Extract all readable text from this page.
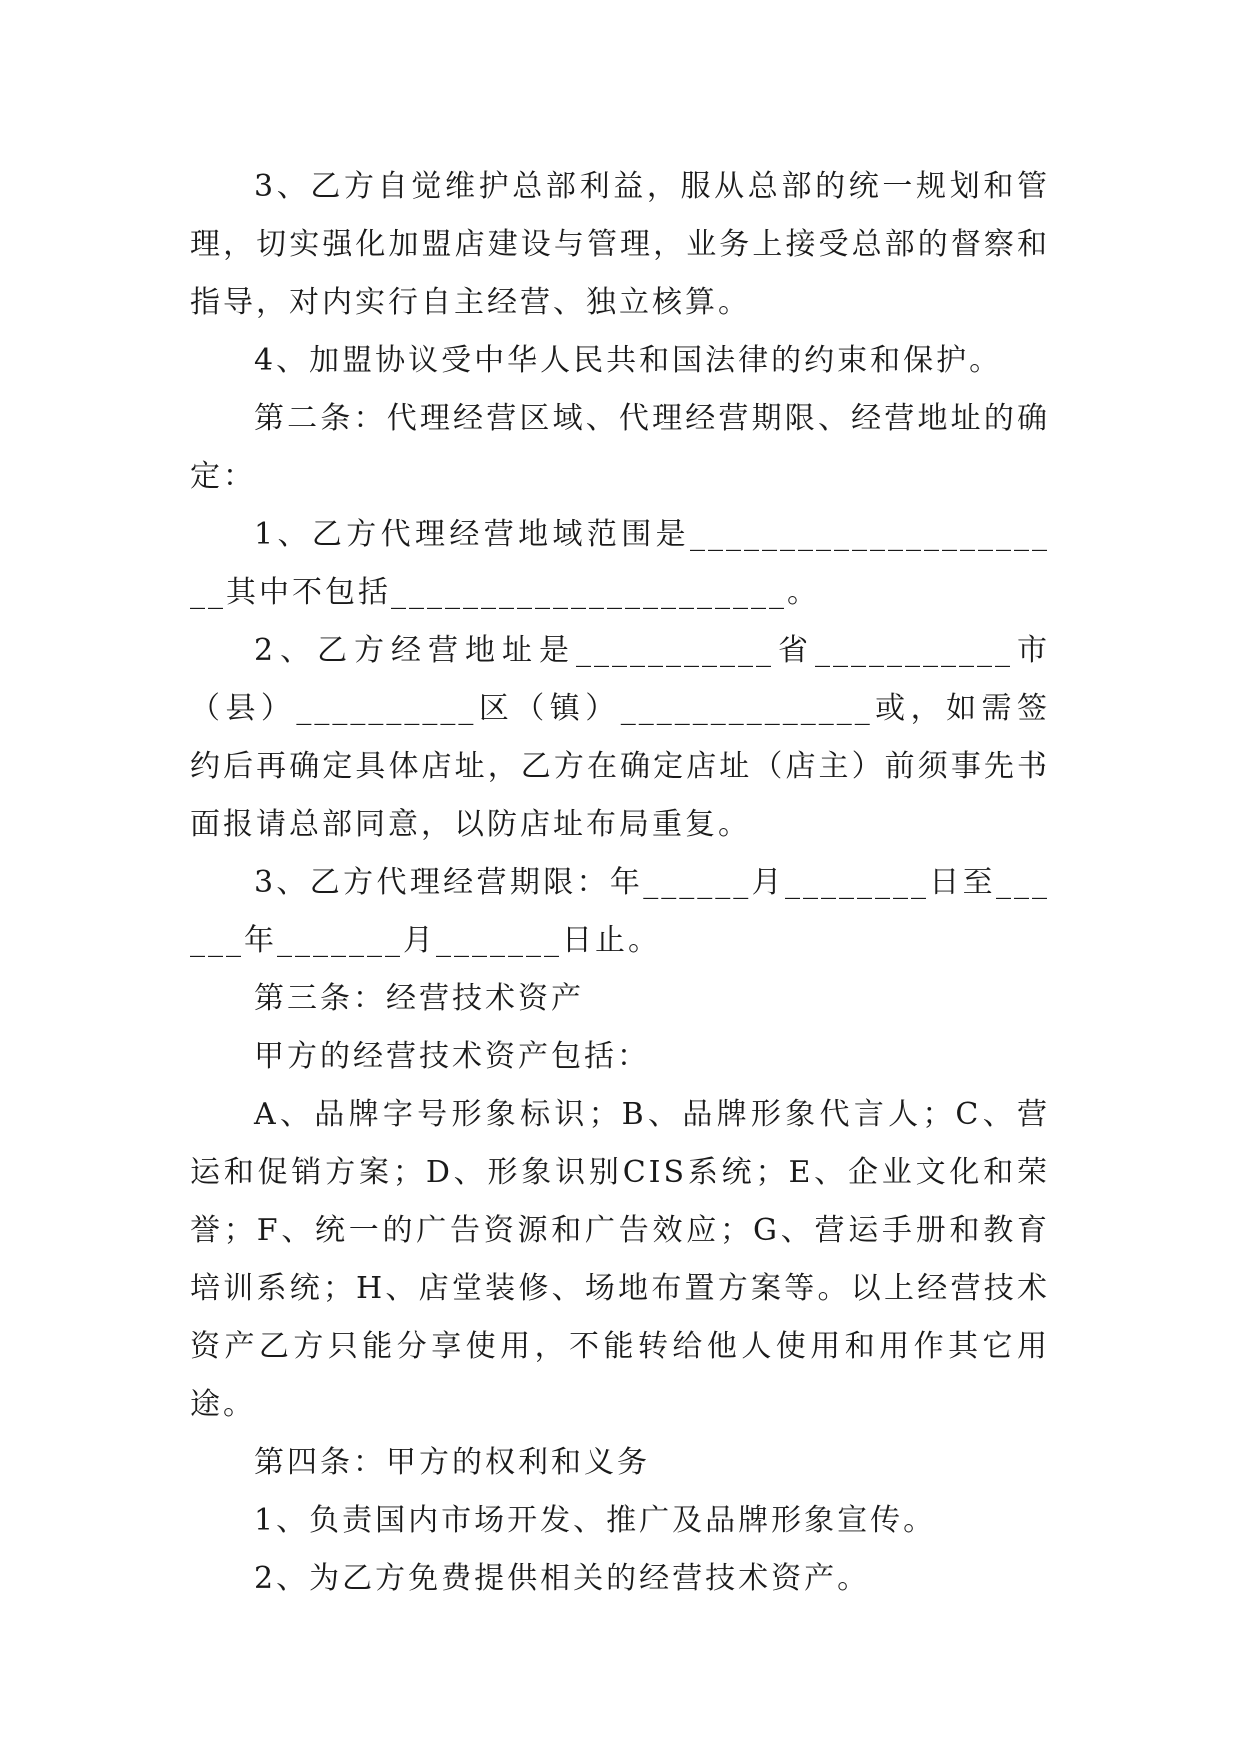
3、乙方自觉维护总部利益，服从总部的统一规划和管理，切实强化加盟店建设与管理，业务上接受总部的督察和指导，对内实行自主经营、独立核算。

4、加盟协议受中华人民共和国法律的约束和保护。

第二条：代理经营区域、代理经营期限、经营地址的确定：

1、乙方代理经营地域范围是______________________其中不包括______________________。

2、乙方经营地址是___________省___________市（县）__________区（镇）______________或，如需签约后再确定具体店址，乙方在确定店址（店主）前须事先书面报请总部同意，以防店址布局重复。

3、乙方代理经营期限：年______月________日至______年_______月_______日止。

第三条：经营技术资产

甲方的经营技术资产包括：

A、品牌字号形象标识；B、品牌形象代言人；C、营运和促销方案；D、形象识别CIS系统；E、企业文化和荣誉；F、统一的广告资源和广告效应；G、营运手册和教育培训系统；H、店堂装修、场地布置方案等。以上经营技术资产乙方只能分享使用，不能转给他人使用和用作其它用途。

第四条：甲方的权利和义务

1、负责国内市场开发、推广及品牌形象宣传。

2、为乙方免费提供相关的经营技术资产。
